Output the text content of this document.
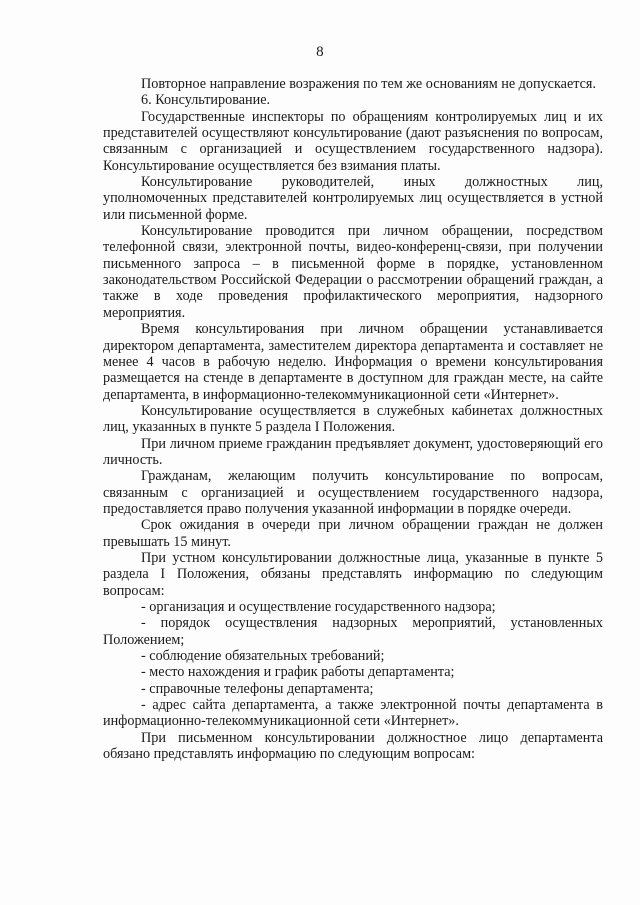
8

Повторное направление возражения по тем же основаниям не допускается.

6. Консультирование.

Государственные инспекторы по обращениям контролируемых лиц и их представителей осуществляют консультирование (дают разъяснения по вопросам, связанным с организацией и осуществлением государственного надзора). Консультирование осуществляется без взимания платы.

Консультирование руководителей, иных должностных лиц, уполномоченных представителей контролируемых лиц осуществляется в устной или письменной форме.

Консультирование проводится при личном обращении, посредством телефонной связи, электронной почты, видео-конференц-связи, при получении письменного запроса – в письменной форме в порядке, установленном законодательством Российской Федерации о рассмотрении обращений граждан, а также в ходе проведения профилактического мероприятия, надзорного мероприятия.

Время консультирования при личном обращении устанавливается директором департамента, заместителем директора департамента и составляет не менее 4 часов в рабочую неделю. Информация о времени консультирования размещается на стенде в департаменте в доступном для граждан месте, на сайте департамента, в информационно-телекоммуникационной сети «Интернет».

Консультирование осуществляется в служебных кабинетах должностных лиц, указанных в пункте 5 раздела I Положения.

При личном приеме гражданин предъявляет документ, удостоверяющий его личность.

Гражданам, желающим получить консультирование по вопросам, связанным с организацией и осуществлением государственного надзора, предоставляется право получения указанной информации в порядке очереди.

Срок ожидания в очереди при личном обращении граждан не должен превышать 15 минут.

При устном консультировании должностные лица, указанные в пункте 5 раздела I Положения, обязаны представлять информацию по следующим вопросам:

- организация и осуществление государственного надзора;

- порядок осуществления надзорных мероприятий, установленных Положением;

- соблюдение обязательных требований;

- место нахождения и график работы департамента;

- справочные телефоны департамента;

- адрес сайта департамента, а также электронной почты департамента в информационно-телекоммуникационной сети «Интернет».

При письменном консультировании должностное лицо департамента обязано представлять информацию по следующим вопросам:
